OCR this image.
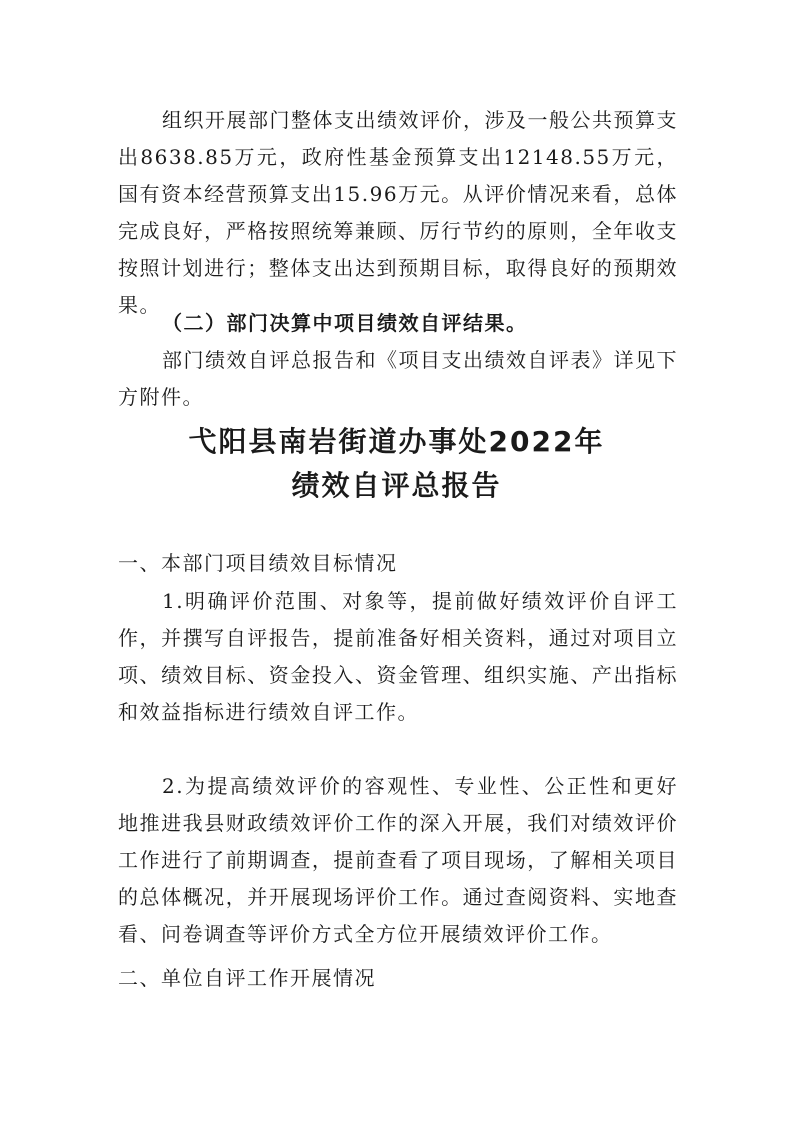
组织开展部门整体支出绩效评价，涉及一般公共预算支出8638.85万元，政府性基金预算支出12148.55万元，国有资本经营预算支出15.96万元。从评价情况来看，总体完成良好，严格按照统筹兼顾、厉行节约的原则，全年收支按照计划进行；整体支出达到预期目标，取得良好的预期效果。

（二）部门决算中项目绩效自评结果。

部门绩效自评总报告和《项目支出绩效自评表》详见下方附件。

弋阳县南岩街道办事处2022年
绩效自评总报告

一、本部门项目绩效目标情况

1.明确评价范围、对象等，提前做好绩效评价自评工作，并撰写自评报告，提前准备好相关资料，通过对项目立项、绩效目标、资金投入、资金管理、组织实施、产出指标和效益指标进行绩效自评工作。

2.为提高绩效评价的容观性、专业性、公正性和更好地推进我县财政绩效评价工作的深入开展，我们对绩效评价工作进行了前期调查，提前查看了项目现场，了解相关项目的总体概况，并开展现场评价工作。通过查阅资料、实地查看、问卷调查等评价方式全方位开展绩效评价工作。

二、单位自评工作开展情况
